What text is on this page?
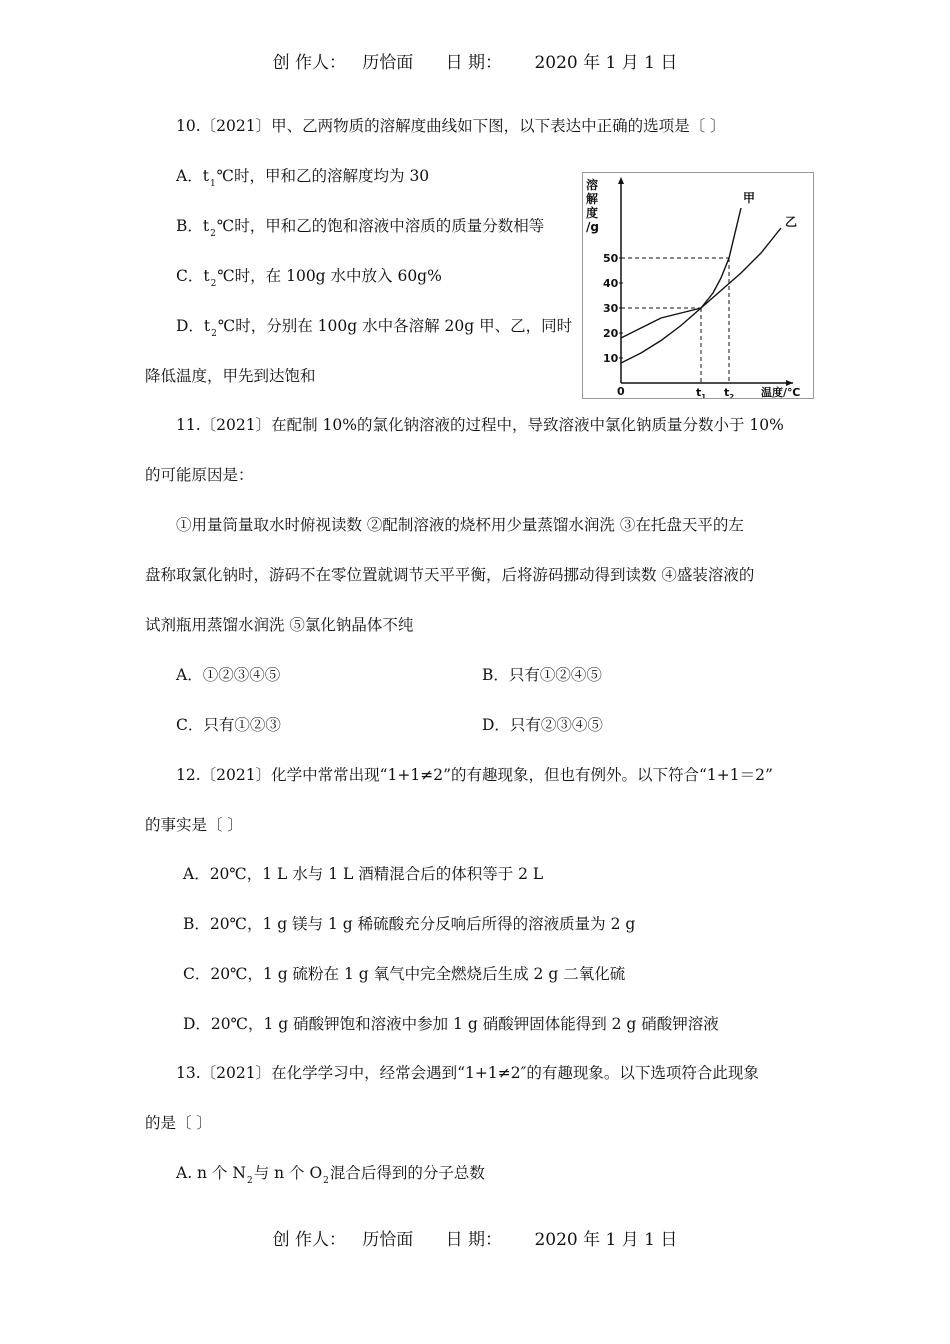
创 作人：   历恰面      日 期：      2020 年 1 月 1 日
10.〔2021〕甲、乙两物质的溶解度曲线如下图，以下表达中正确的选项是〔 〕
A．$t_1℃$时，甲和乙的溶解度均为 30
B．$t_2℃$时，甲和乙的饱和溶液中溶质的质量分数相等
C．$t_2℃$时，在 100g 水中放入 60g%
D．$t_2℃$时，分别在 100g 水中各溶解 20g 甲、乙，同时
降低温度，甲先到达饱和
溶
解
度
/g
10
20
30
40
50
0
甲
乙
$t_1$ $t_2$ 温度/℃
11.〔2021〕在配制 10%的氯化钠溶液的过程中，导致溶液中氯化钠质量分数小于 10%
的可能原因是：
①用量筒量取水时俯视读数 ②配制溶液的烧杯用少量蒸馏水润洗 ③在托盘天平的左
盘称取氯化钠时，游码不在零位置就调节天平平衡，后将游码挪动得到读数 ④盛装溶液的
试剂瓶用蒸馏水润洗 ⑤氯化钠晶体不纯
A．①②③④⑤	B．只有①②④⑤
C．只有①②③	D．只有②③④⑤
12.〔2021〕化学中常常出现“1+1≠2”的有趣现象，但也有例外。以下符合“1+1＝2”
的事实是〔 〕
A．20℃，1 L 水与 1 L 酒精混合后的体积等于 2 L
B．20℃，1 g 镁与 1 g 稀硫酸充分反响后所得的溶液质量为 2 g
C．20℃，1 g 硫粉在 1 g 氧气中完全燃烧后生成 2 g 二氧化硫
D．20℃，1 g 硝酸钾饱和溶液中参加 1 g 硝酸钾固体能得到 2 g 硝酸钾溶液
13.〔2021〕在化学学习中，经常会遇到“1+1≠2″的有趣现象。以下选项符合此现象
的是〔 〕
A. n 个 $N_2$与 n 个 $O_2$混合后得到的分子总数
创 作人：   历恰面      日 期：      2020 年 1 月 1 日
